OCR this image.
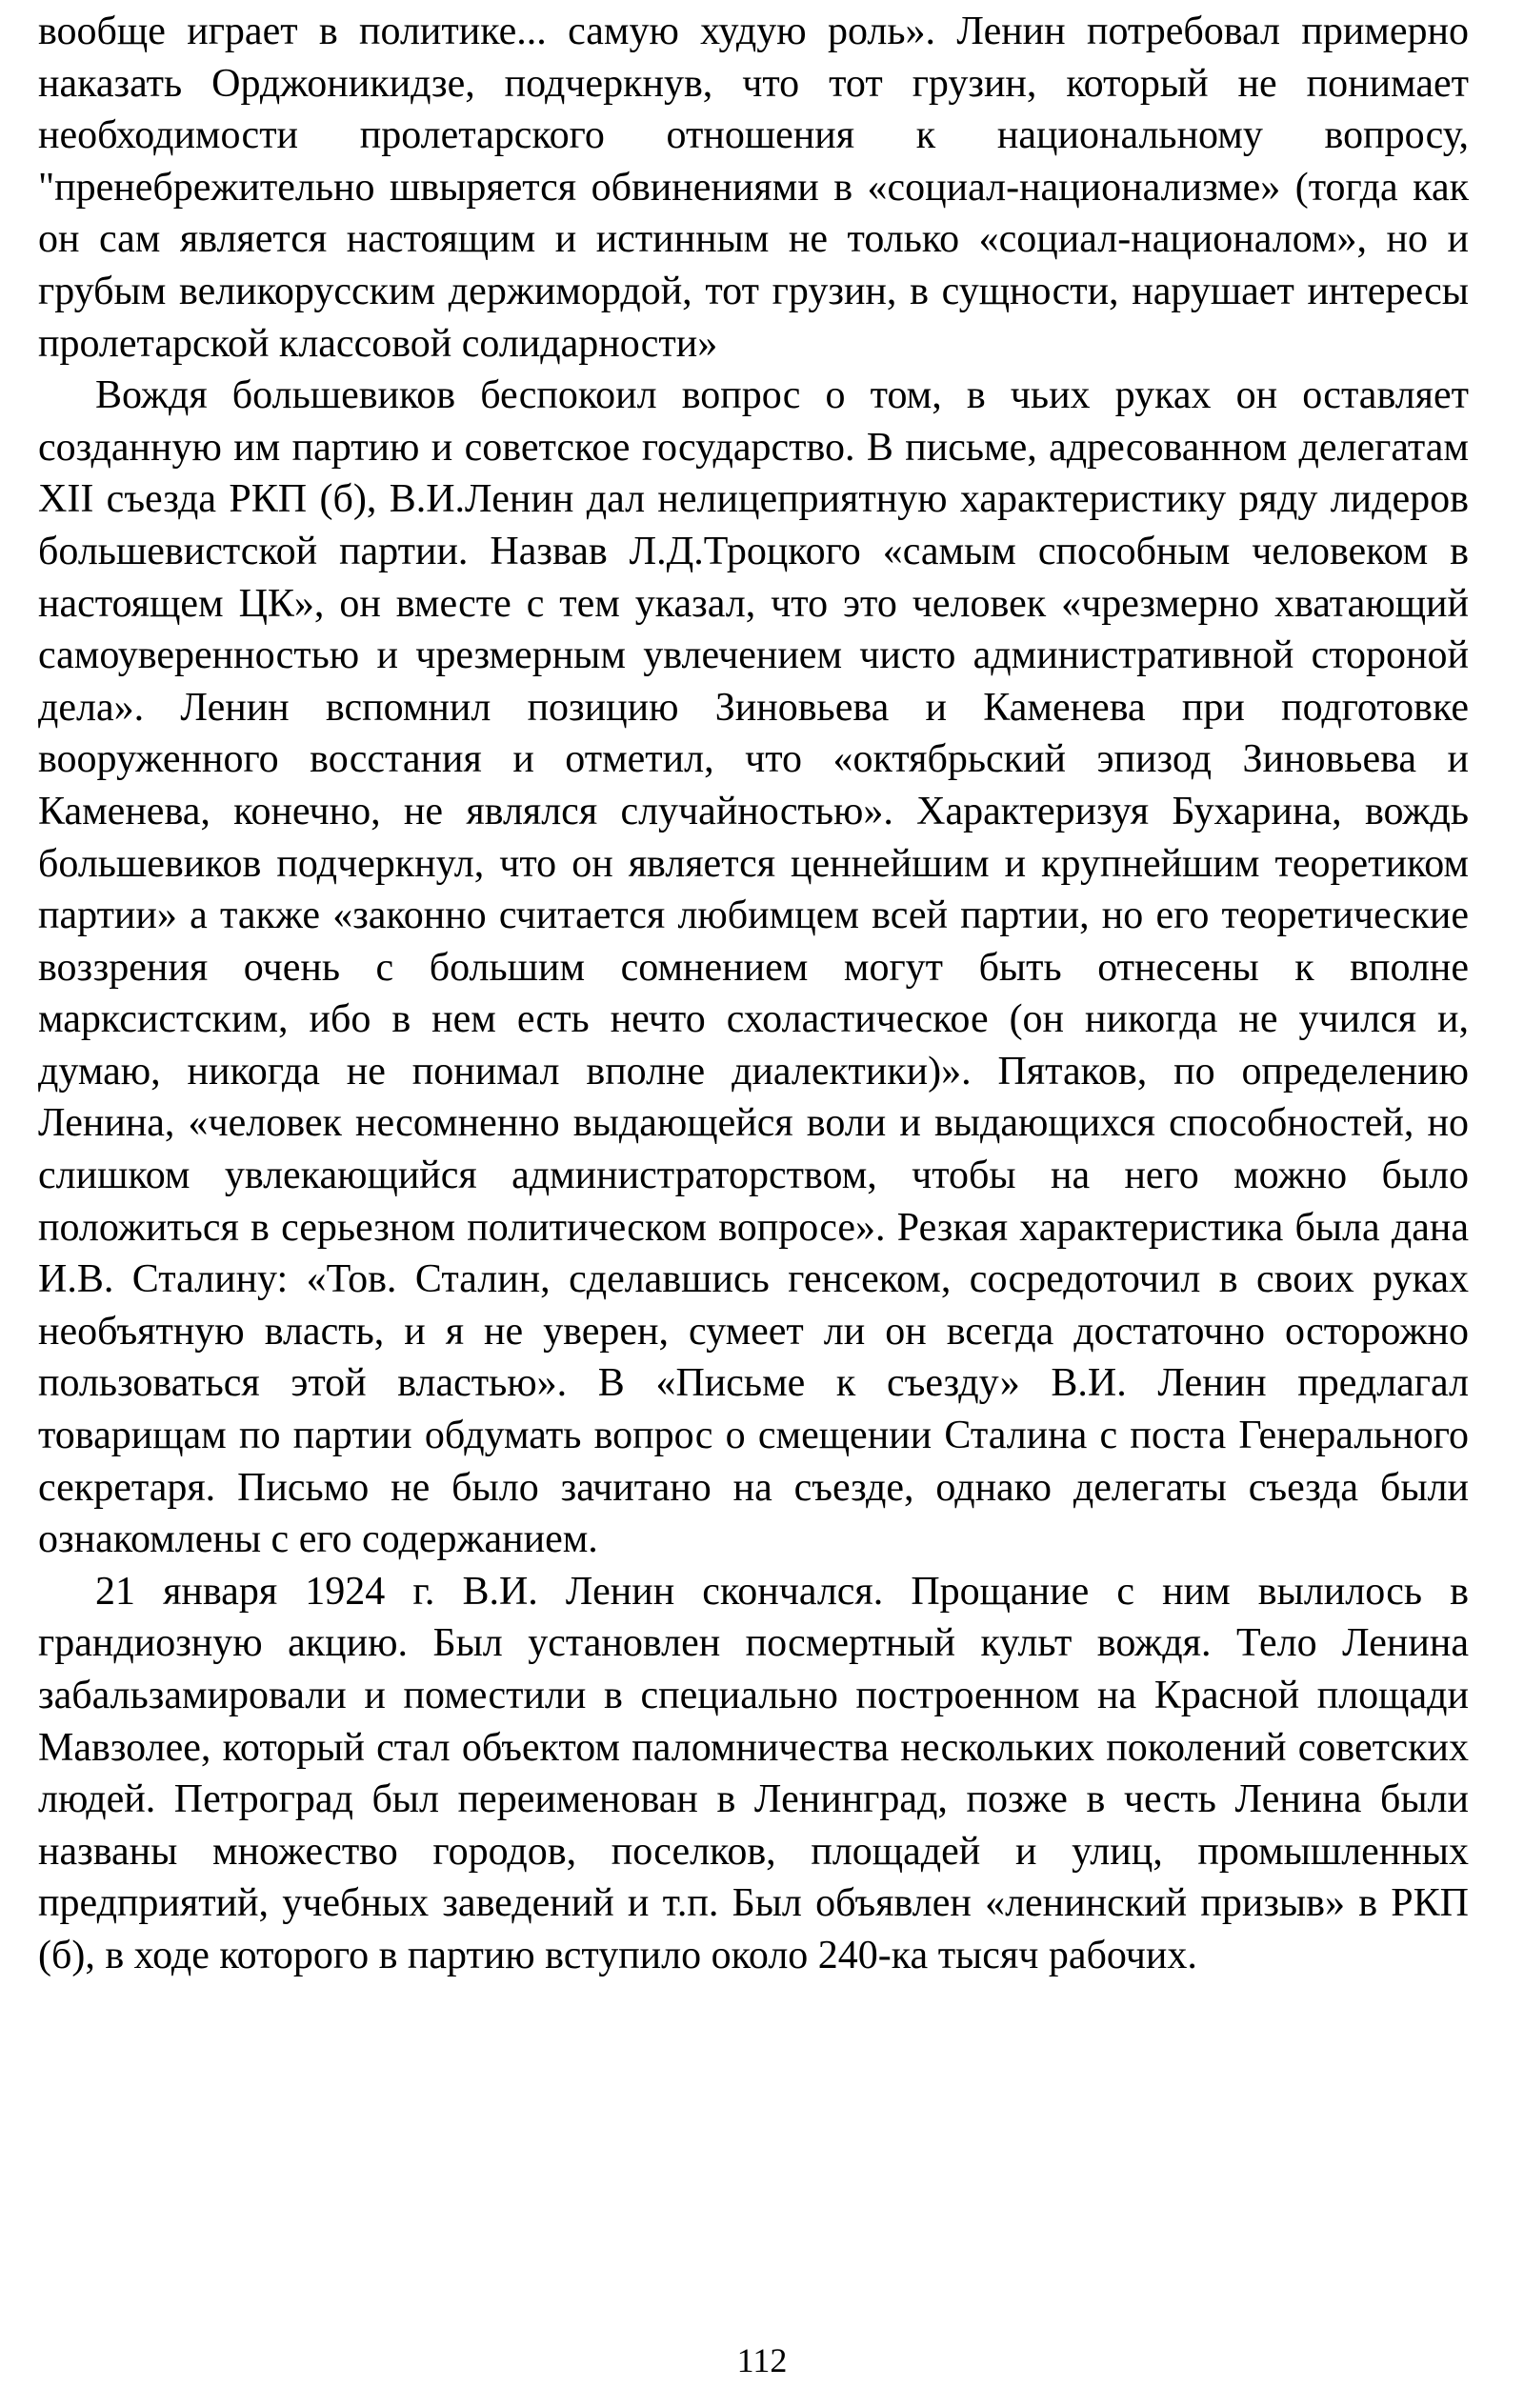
вообще играет в политике... самую худую роль». Ленин потребовал примерно наказать Орджоникидзе, подчеркнув, что тот грузин, который не понимает необходимости пролетарского отношения к национальному вопросу, "пренебрежительно швыряется обвинениями в «социал-национализме» (тогда как он сам является настоящим и истинным не только «социал-националом», но и грубым великорусским держимордой, тот грузин, в сущности, нарушает интересы пролетарской классовой солидарности»

Вождя большевиков беспокоил вопрос о том, в чьих руках он оставляет созданную им партию и советское государство. В письме, адресованном делегатам XII съезда РКП (б), В.И.Ленин дал нелицеприятную характеристику ряду лидеров большевистской партии. Назвав Л.Д.Троцкого «самым способным человеком в настоящем ЦК», он вместе с тем указал, что это человек «чрезмерно хватающий самоуверенностью и чрезмерным увлечением чисто административной стороной дела». Ленин вспомнил позицию Зиновьева и Каменева при подготовке вооруженного восстания и отметил, что «октябрьский эпизод Зиновьева и Каменева, конечно, не являлся случайностью». Характеризуя Бухарина, вождь большевиков подчеркнул, что он является ценнейшим и крупнейшим теоретиком партии» а также «законно считается любимцем всей партии, но его теоретические воззрения очень с большим сомнением могут быть отнесены к вполне марксистским, ибо в нем есть нечто схоластическое (он никогда не учился и, думаю, никогда не понимал вполне диалектики)». Пятаков, по определению Ленина, «человек несомненно выдающейся воли и выдающихся способностей, но слишком увлекающийся администраторством, чтобы на него можно было положиться в серьезном политическом вопросе». Резкая характеристика была дана И.В. Сталину: «Тов. Сталин, сделавшись генсеком, сосредоточил в своих руках необъятную власть, и я не уверен, сумеет ли он всегда достаточно осторожно пользоваться этой властью». В «Письме к съезду» В.И. Ленин предлагал товарищам по партии обдумать вопрос о смещении Сталина с поста Генерального секретаря. Письмо не было зачитано на съезде, однако делегаты съезда были ознакомлены с его содержанием.

21 января 1924 г. В.И. Ленин скончался. Прощание с ним вылилось в грандиозную акцию. Был установлен посмертный культ вождя. Тело Ленина забальзамировали и поместили в специально построенном на Красной площади Мавзолее, который стал объектом паломничества нескольких поколений советских людей. Петроград был переименован в Ленинград, позже в честь Ленина были названы множество городов, поселков, площадей и улиц, промышленных предприятий, учебных заведений и т.п. Был объявлен «ленинский призыв» в РКП (б), в ходе которого в партию вступило около 240-ка тысяч рабочих.

112
